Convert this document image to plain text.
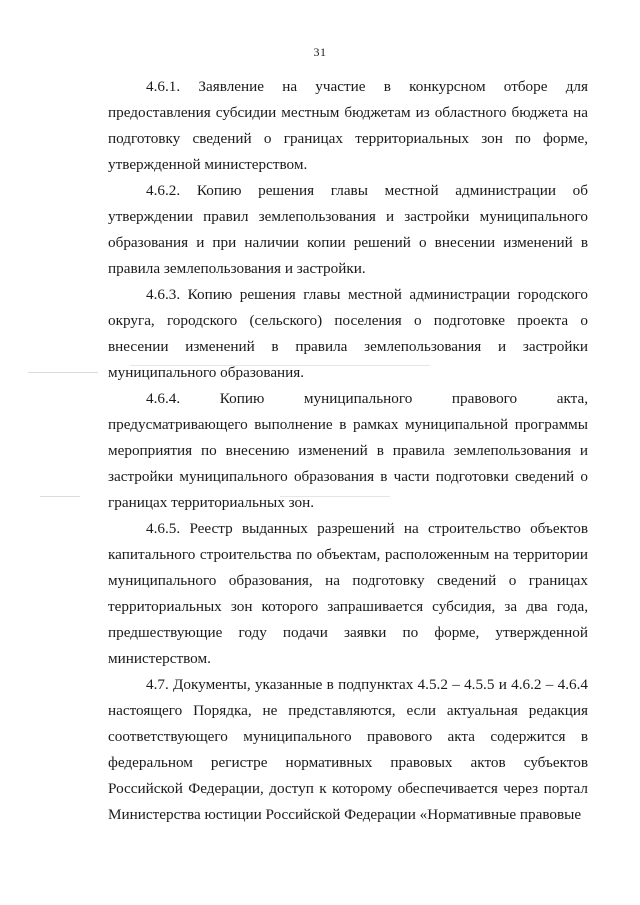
31

4.6.1. Заявление на участие в конкурсном отборе для предоставления субсидии местным бюджетам из областного бюджета на подготовку сведений о границах территориальных зон по форме, утвержденной министерством.

4.6.2. Копию решения главы местной администрации об утверждении правил землепользования и застройки муниципального образования и при наличии копии решений о внесении изменений в правила землепользования и застройки.

4.6.3. Копию решения главы местной администрации городского округа, городского (сельского) поселения о подготовке проекта о внесении изменений в правила землепользования и застройки муниципального образования.

4.6.4. Копию муниципального правового акта, предусматривающего выполнение в рамках муниципальной программы мероприятия по внесению изменений в правила землепользования и застройки муниципального образования в части подготовки сведений о границах территориальных зон.

4.6.5. Реестр выданных разрешений на строительство объектов капитального строительства по объектам, расположенным на территории муниципального образования, на подготовку сведений о границах территориальных зон которого запрашивается субсидия, за два года, предшествующие году подачи заявки по форме, утвержденной министерством.

4.7. Документы, указанные в подпунктах 4.5.2 – 4.5.5 и 4.6.2 – 4.6.4 настоящего Порядка, не представляются, если актуальная редакция соответствующего муниципального правового акта содержится в федеральном регистре нормативных правовых актов субъектов Российской Федерации, доступ к которому обеспечивается через портал Министерства юстиции Российской Федерации «Нормативные правовые
